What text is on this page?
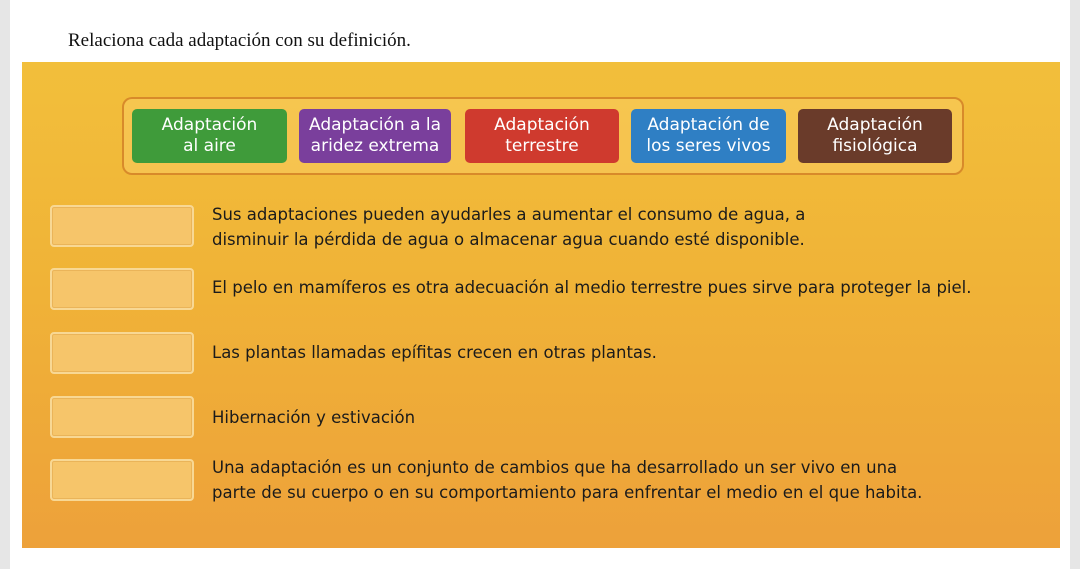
Relaciona cada adaptación con su definición.
Adaptación
al aire
Adaptación a la
aridez extrema
Adaptación
terrestre
Adaptación de
los seres vivos
Adaptación
fisiológica
Sus adaptaciones pueden ayudarles a aumentar el consumo de agua, a
disminuir la pérdida de agua o almacenar agua cuando esté disponible.
El pelo en mamíferos es otra adecuación al medio terrestre pues sirve para proteger la piel.
Las plantas llamadas epífitas crecen en otras plantas.
Hibernación y estivación
Una adaptación es un conjunto de cambios que ha desarrollado un ser vivo en una
parte de su cuerpo o en su comportamiento para enfrentar el medio en el que habita.
